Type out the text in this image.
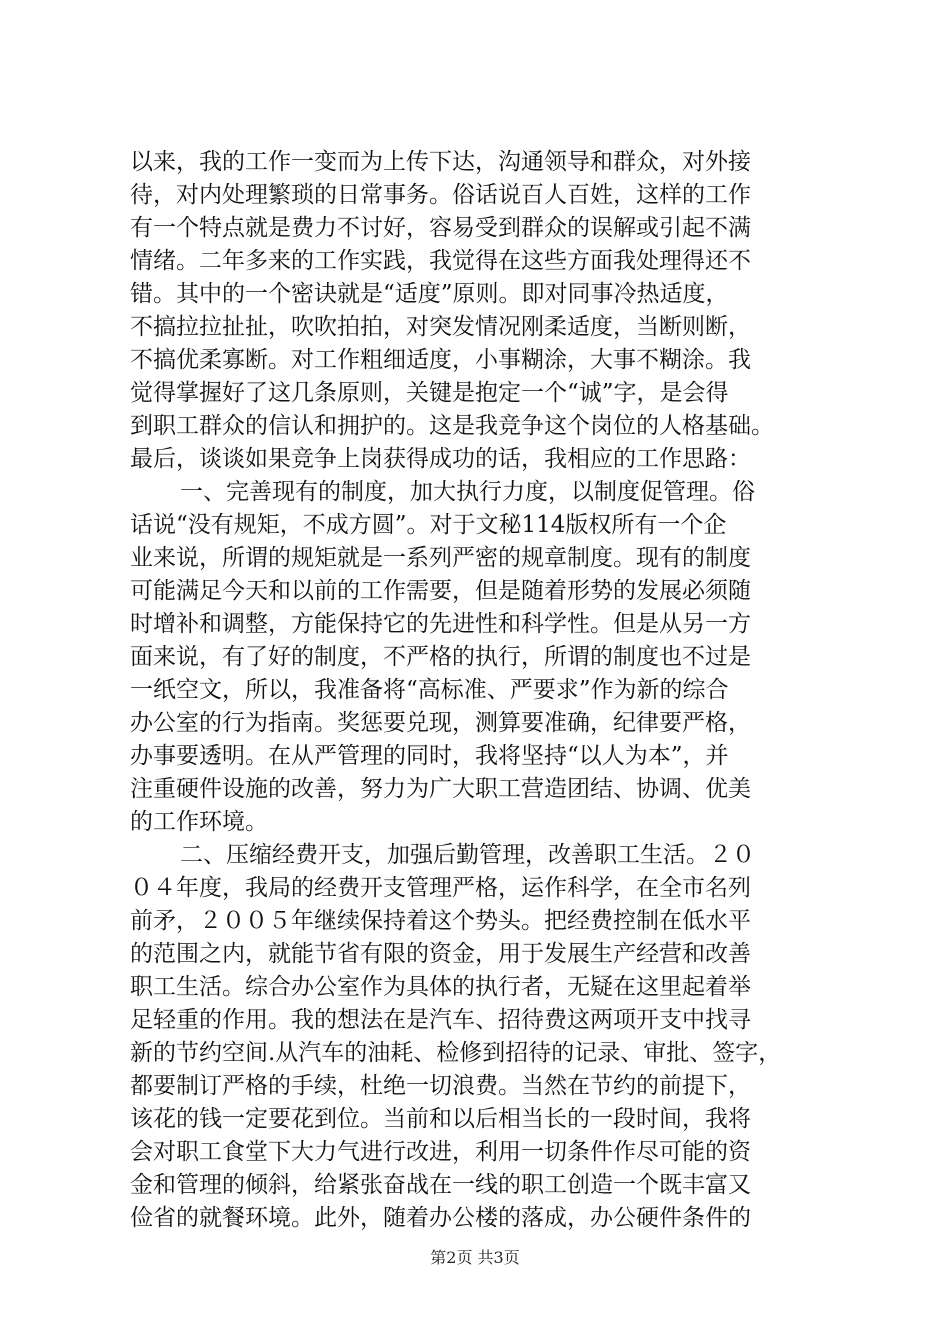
以来，我的工作一变而为上传下达，沟通领导和群众，对外接
待，对内处理繁琐的日常事务。俗话说百人百姓，这样的工作
有一个特点就是费力不讨好，容易受到群众的误解或引起不满
情绪。二年多来的工作实践，我觉得在这些方面我处理得还不
错。其中的一个密诀就是“适度”原则。即对同事冷热适度，
不搞拉拉扯扯，吹吹拍拍，对突发情况刚柔适度，当断则断，
不搞优柔寡断。对工作粗细适度，小事糊涂，大事不糊涂。我
觉得掌握好了这几条原则，关键是抱定一个“诚”字，是会得
到职工群众的信认和拥护的。这是我竞争这个岗位的人格基础。
最后，谈谈如果竞争上岗获得成功的话，我相应的工作思路：
一、完善现有的制度，加大执行力度，以制度促管理。俗
话说“没有规矩，不成方圆”。对于文秘114版权所有一个企
业来说，所谓的规矩就是一系列严密的规章制度。现有的制度
可能满足今天和以前的工作需要，但是随着形势的发展必须随
时增补和调整，方能保持它的先进性和科学性。但是从另一方
面来说，有了好的制度，不严格的执行，所谓的制度也不过是
一纸空文，所以，我准备将“高标准、严要求”作为新的综合
办公室的行为指南。奖惩要兑现，测算要准确，纪律要严格，
办事要透明。在从严管理的同时，我将坚持“以人为本”，并
注重硬件设施的改善，努力为广大职工营造团结、协调、优美
的工作环境。
二、压缩经费开支，加强后勤管理，改善职工生活。２０
０４年度，我局的经费开支管理严格，运作科学，在全市名列
前矛，２００５年继续保持着这个势头。把经费控制在低水平
的范围之内，就能节省有限的资金，用于发展生产经营和改善
职工生活。综合办公室作为具体的执行者，无疑在这里起着举
足轻重的作用。我的想法在是汽车、招待费这两项开支中找寻
新的节约空间.从汽车的油耗、检修到招待的记录、审批、签字，
都要制订严格的手续，杜绝一切浪费。当然在节约的前提下，
该花的钱一定要花到位。当前和以后相当长的一段时间，我将
会对职工食堂下大力气进行改进，利用一切条件作尽可能的资
金和管理的倾斜，给紧张奋战在一线的职工创造一个既丰富又
俭省的就餐环境。此外，随着办公楼的落成，办公硬件条件的
第2页 共3页
